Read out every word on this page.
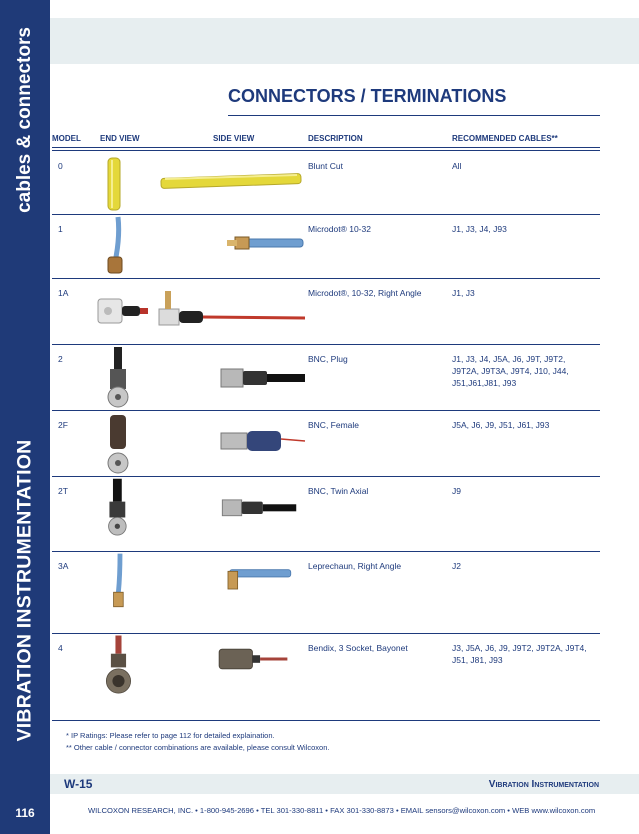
cables & connectors
VIBRATION INSTRUMENTATION
116
CONNECTORS / TERMINATIONS
MODEL END VIEW	SIDE VIEW	DESCRIPTION	RECOMMENDED CABLES**
0	Blunt Cut	All
1	Microdot® 10-32	J1, J3, J4, J93
1A	Microdot®, 10-32, Right Angle	J1, J3
2	BNC, Plug	J1, J3, J4, J5A, J6, J9T, J9T2, J9T2A, J9T3A, J9T4, J10, J44, J51,J61,J81, J93
2F	BNC, Female	J5A, J6, J9, J51, J61, J93
2T	BNC, Twin Axial	J9
3A	Leprechaun, Right Angle	J2
4	Bendix, 3 Socket, Bayonet	J3, J5A, J6, J9, J9T2, J9T2A, J9T4, J51, J81, J93
* IP Ratings: Please refer to page 112 for detailed explaination.
** Other cable / connector combinations are available, please consult Wilcoxon.
W-15	Vibration Instrumentation
WILCOXON RESEARCH, INC. • 1-800-945-2696 • TEL 301-330-8811 • FAX 301-330-8873 • EMAIL sensors@wilcoxon.com • WEB www.wilcoxon.com
